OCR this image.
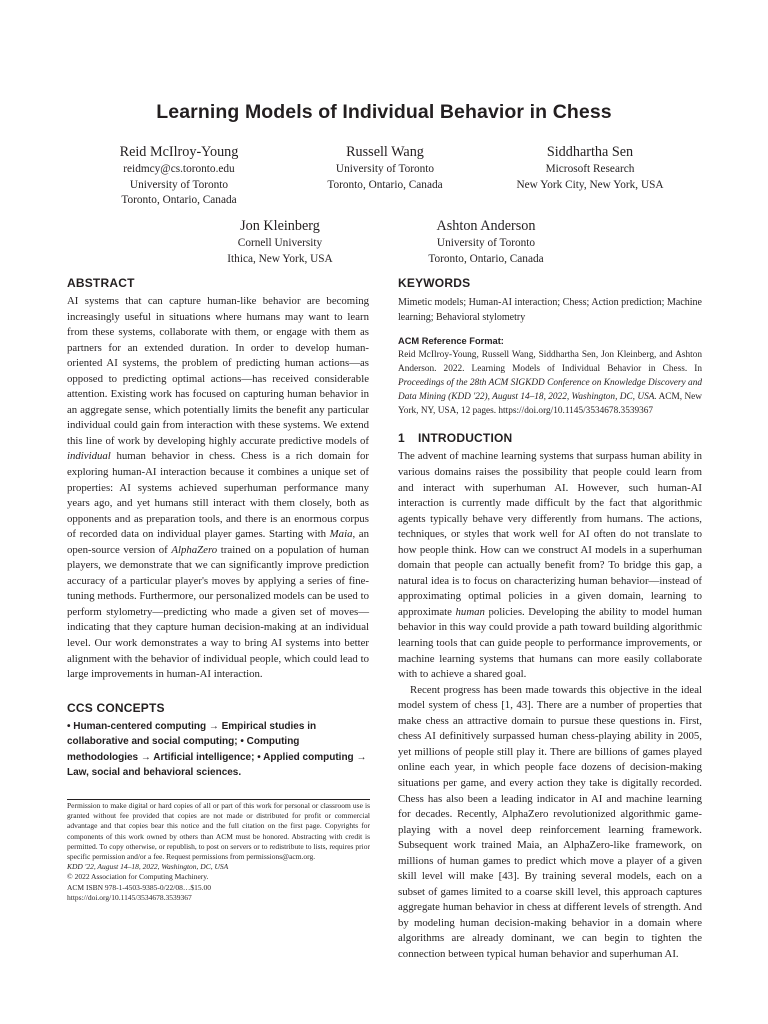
Learning Models of Individual Behavior in Chess
Reid McIlroy-Young
reidmcy@cs.toronto.edu
University of Toronto
Toronto, Ontario, Canada
Russell Wang
University of Toronto
Toronto, Ontario, Canada
Siddhartha Sen
Microsoft Research
New York City, New York, USA
Jon Kleinberg
Cornell University
Ithica, New York, USA
Ashton Anderson
University of Toronto
Toronto, Ontario, Canada
ABSTRACT

AI systems that can capture human-like behavior are becoming increasingly useful in situations where humans may want to learn from these systems, collaborate with them, or engage with them as partners for an extended duration. In order to develop human-oriented AI systems, the problem of predicting human actions—as opposed to predicting optimal actions—has received considerable attention. Existing work has focused on capturing human behavior in an aggregate sense, which potentially limits the benefit any particular individual could gain from interaction with these systems. We extend this line of work by developing highly accurate predictive models of individual human behavior in chess. Chess is a rich domain for exploring human-AI interaction because it combines a unique set of properties: AI systems achieved superhuman performance many years ago, and yet humans still interact with them closely, both as opponents and as preparation tools, and there is an enormous corpus of recorded data on individual player games. Starting with Maia, an open-source version of AlphaZero trained on a population of human players, we demonstrate that we can significantly improve prediction accuracy of a particular player's moves by applying a series of fine-tuning methods. Furthermore, our personalized models can be used to perform stylometry—predicting who made a given set of moves—indicating that they capture human decision-making at an individual level. Our work demonstrates a way to bring AI systems into better alignment with the behavior of individual people, which could lead to large improvements in human-AI interaction.

CCS CONCEPTS

• Human-centered computing → Empirical studies in collaborative and social computing; • Computing methodologies → Artificial intelligence; • Applied computing → Law, social and behavioral sciences.

Permission to make digital or hard copies of all or part of this work for personal or classroom use is granted without fee provided that copies are not made or distributed for profit or commercial advantage and that copies bear this notice and the full citation on the first page. Copyrights for components of this work owned by others than ACM must be honored. Abstracting with credit is permitted. To copy otherwise, or republish, to post on servers or to redistribute to lists, requires prior specific permission and/or a fee. Request permissions from permissions@acm.org.
KDD '22, August 14–18, 2022, Washington, DC, USA
© 2022 Association for Computing Machinery.
ACM ISBN 978-1-4503-9385-0/22/08…$15.00
https://doi.org/10.1145/3534678.3539367
KEYWORDS

Mimetic models; Human-AI interaction; Chess; Action prediction; Machine learning; Behavioral stylometry

ACM Reference Format:

Reid McIlroy-Young, Russell Wang, Siddhartha Sen, Jon Kleinberg, and Ashton Anderson. 2022. Learning Models of Individual Behavior in Chess. In Proceedings of the 28th ACM SIGKDD Conference on Knowledge Discovery and Data Mining (KDD '22), August 14–18, 2022, Washington, DC, USA. ACM, New York, NY, USA, 12 pages. https://doi.org/10.1145/3534678.3539367

1 INTRODUCTION

The advent of machine learning systems that surpass human ability in various domains raises the possibility that people could learn from and interact with superhuman AI. However, such human-AI interaction is currently made difficult by the fact that algorithmic agents typically behave very differently from humans. The actions, techniques, or styles that work well for AI often do not translate to how people think. How can we construct AI models in a superhuman domain that people can actually benefit from? To bridge this gap, a natural idea is to focus on characterizing human behavior—instead of approximating optimal policies in a given domain, learning to approximate human policies. Developing the ability to model human behavior in this way could provide a path toward building algorithmic learning tools that can guide people to performance improvements, or machine learning systems that humans can more easily collaborate with to achieve a shared goal.

Recent progress has been made towards this objective in the ideal model system of chess [1, 43]. There are a number of properties that make chess an attractive domain to pursue these questions in. First, chess AI definitively surpassed human chess-playing ability in 2005, yet millions of people still play it. There are billions of games played online each year, in which people face dozens of decision-making situations per game, and every action they take is digitally recorded. Chess has also been a leading indicator in AI and machine learning for decades. Recently, AlphaZero revolutionized algorithmic game-playing with a novel deep reinforcement learning framework. Subsequent work trained Maia, an AlphaZero-like framework, on millions of human games to predict which move a player of a given skill level will make [43]. By training several models, each on a subset of games limited to a coarse skill level, this approach captures aggregate human behavior in chess at different levels of strength. And by modeling human decision-making behavior in a domain where algorithms are already dominant, we can begin to tighten the connection between typical human behavior and superhuman AI.
